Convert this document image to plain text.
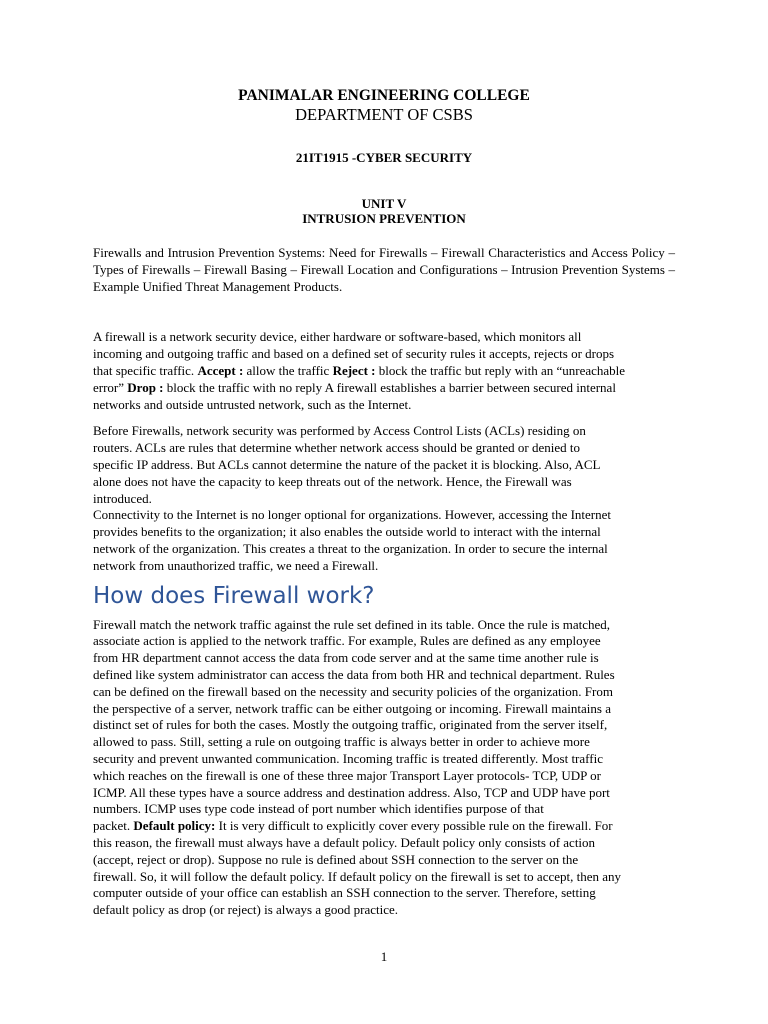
PANIMALAR ENGINEERING COLLEGE

DEPARTMENT OF CSBS

21IT1915 -CYBER SECURITY

UNIT V

INTRUSION PREVENTION

Firewalls and Intrusion Prevention Systems: Need for Firewalls – Firewall Characteristics and Access Policy – Types of Firewalls – Firewall Basing – Firewall Location and Configurations – Intrusion Prevention Systems – Example Unified Threat Management Products.

A firewall is a network security device, either hardware or software-based, which monitors all
incoming and outgoing traffic and based on a defined set of security rules it accepts, rejects or drops
that specific traffic. Accept : allow the traffic Reject : block the traffic but reply with an “unreachable
error” Drop : block the traffic with no reply A firewall establishes a barrier between secured internal
networks and outside untrusted network, such as the Internet.
Before Firewalls, network security was performed by Access Control Lists (ACLs) residing on
routers. ACLs are rules that determine whether network access should be granted or denied to
specific IP address. But ACLs cannot determine the nature of the packet it is blocking. Also, ACL
alone does not have the capacity to keep threats out of the network. Hence, the Firewall was
introduced.
Connectivity to the Internet is no longer optional for organizations. However, accessing the Internet
provides benefits to the organization; it also enables the outside world to interact with the internal
network of the organization. This creates a threat to the organization. In order to secure the internal
network from unauthorized traffic, we need a Firewall.
How does Firewall work?
Firewall match the network traffic against the rule set defined in its table. Once the rule is matched,
associate action is applied to the network traffic. For example, Rules are defined as any employee
from HR department cannot access the data from code server and at the same time another rule is
defined like system administrator can access the data from both HR and technical department. Rules
can be defined on the firewall based on the necessity and security policies of the organization. From
the perspective of a server, network traffic can be either outgoing or incoming. Firewall maintains a
distinct set of rules for both the cases. Mostly the outgoing traffic, originated from the server itself,
allowed to pass. Still, setting a rule on outgoing traffic is always better in order to achieve more
security and prevent unwanted communication. Incoming traffic is treated differently. Most traffic
which reaches on the firewall is one of these three major Transport Layer protocols- TCP, UDP or
ICMP. All these types have a source address and destination address. Also, TCP and UDP have port
numbers. ICMP uses type code instead of port number which identifies purpose of that
packet. Default policy: It is very difficult to explicitly cover every possible rule on the firewall. For
this reason, the firewall must always have a default policy. Default policy only consists of action
(accept, reject or drop). Suppose no rule is defined about SSH connection to the server on the
firewall. So, it will follow the default policy. If default policy on the firewall is set to accept, then any
computer outside of your office can establish an SSH connection to the server. Therefore, setting
default policy as drop (or reject) is always a good practice.
1
